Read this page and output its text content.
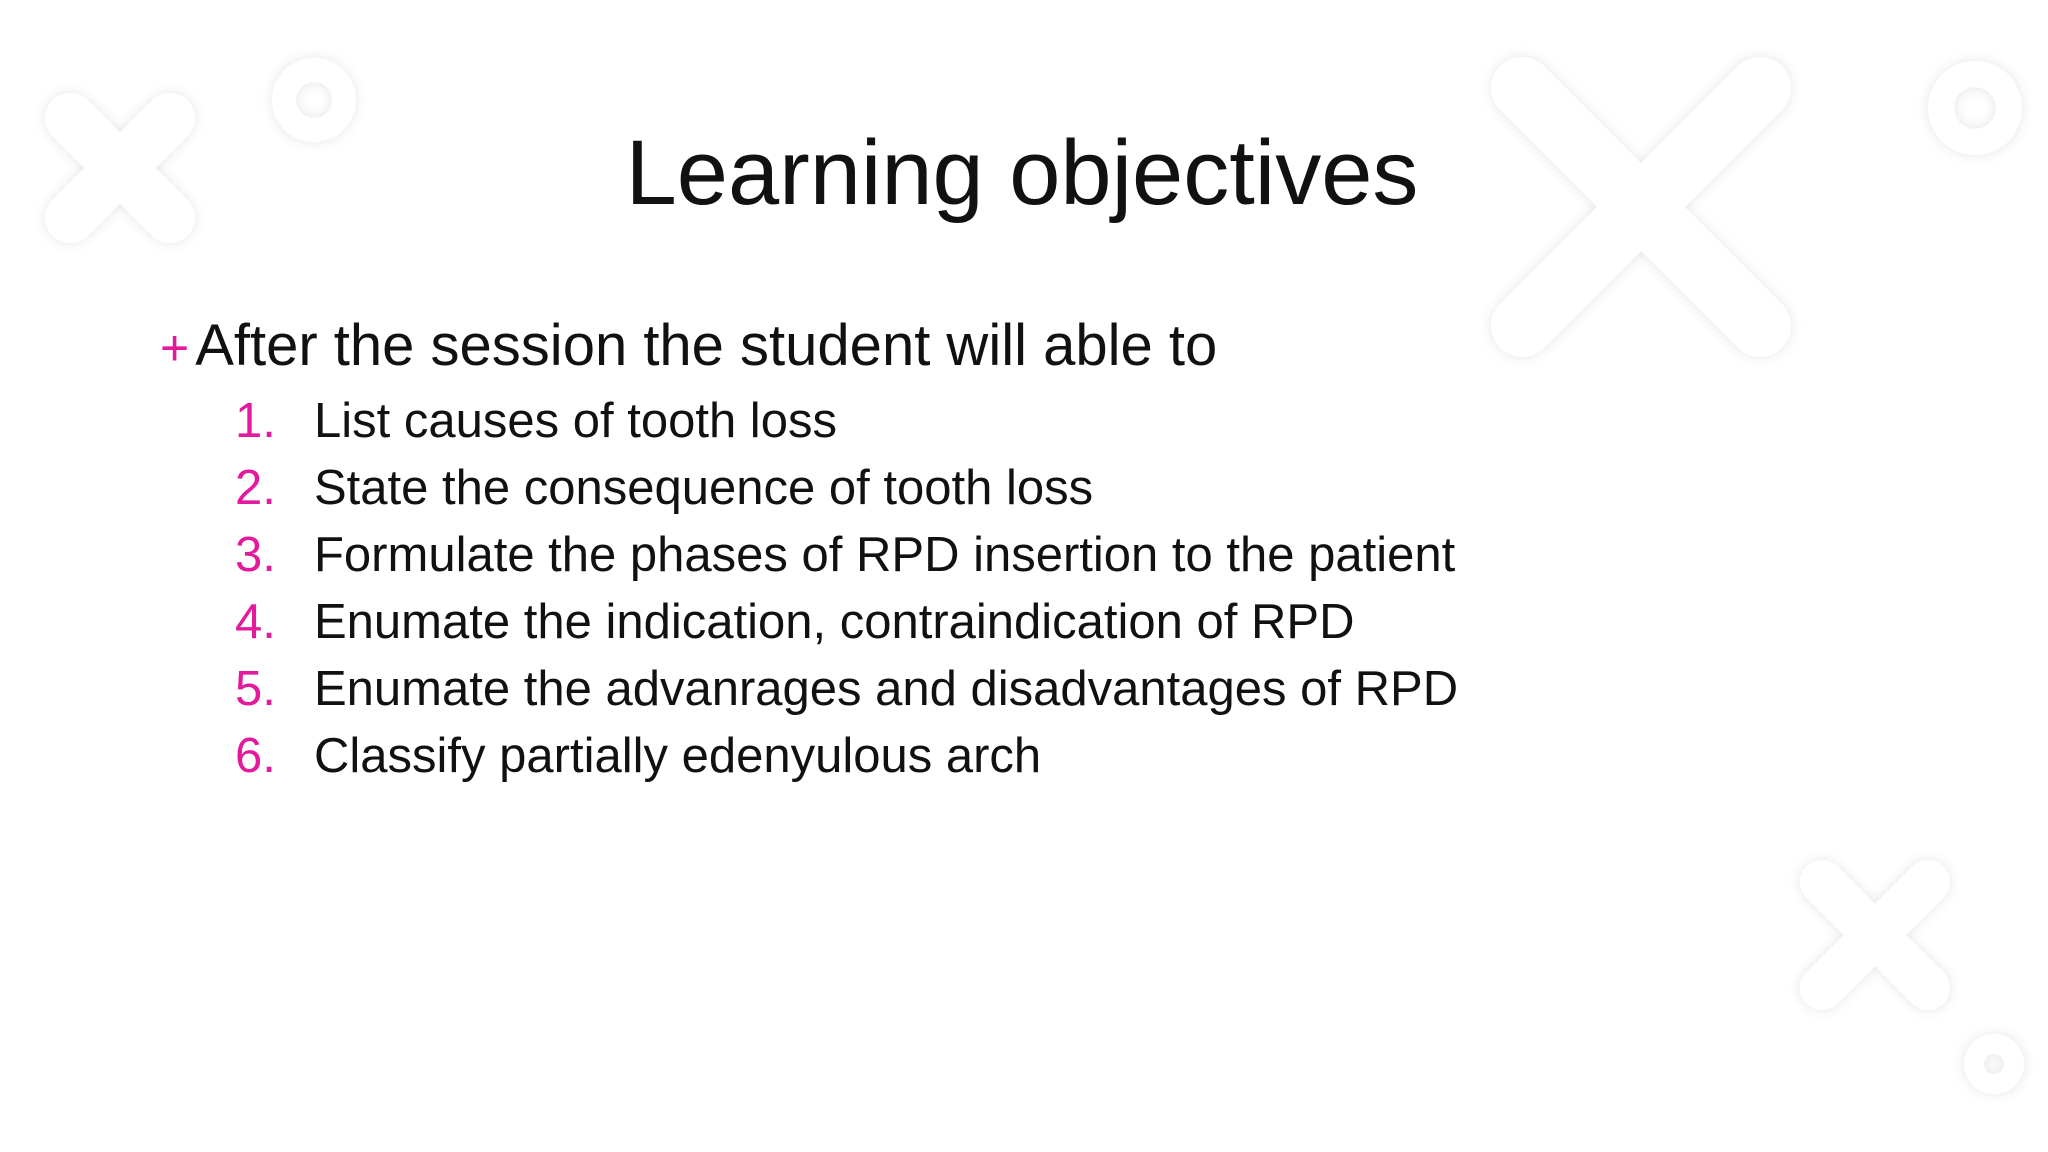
Learning objectives
+ After the session the student will able to
1. List causes of tooth loss
2. State the consequence of tooth loss
3. Formulate the phases of RPD insertion to the patient
4. Enumate the indication, contraindication of RPD
5. Enumate the advanrages and disadvantages of RPD
6. Classify partially edenyulous arch
